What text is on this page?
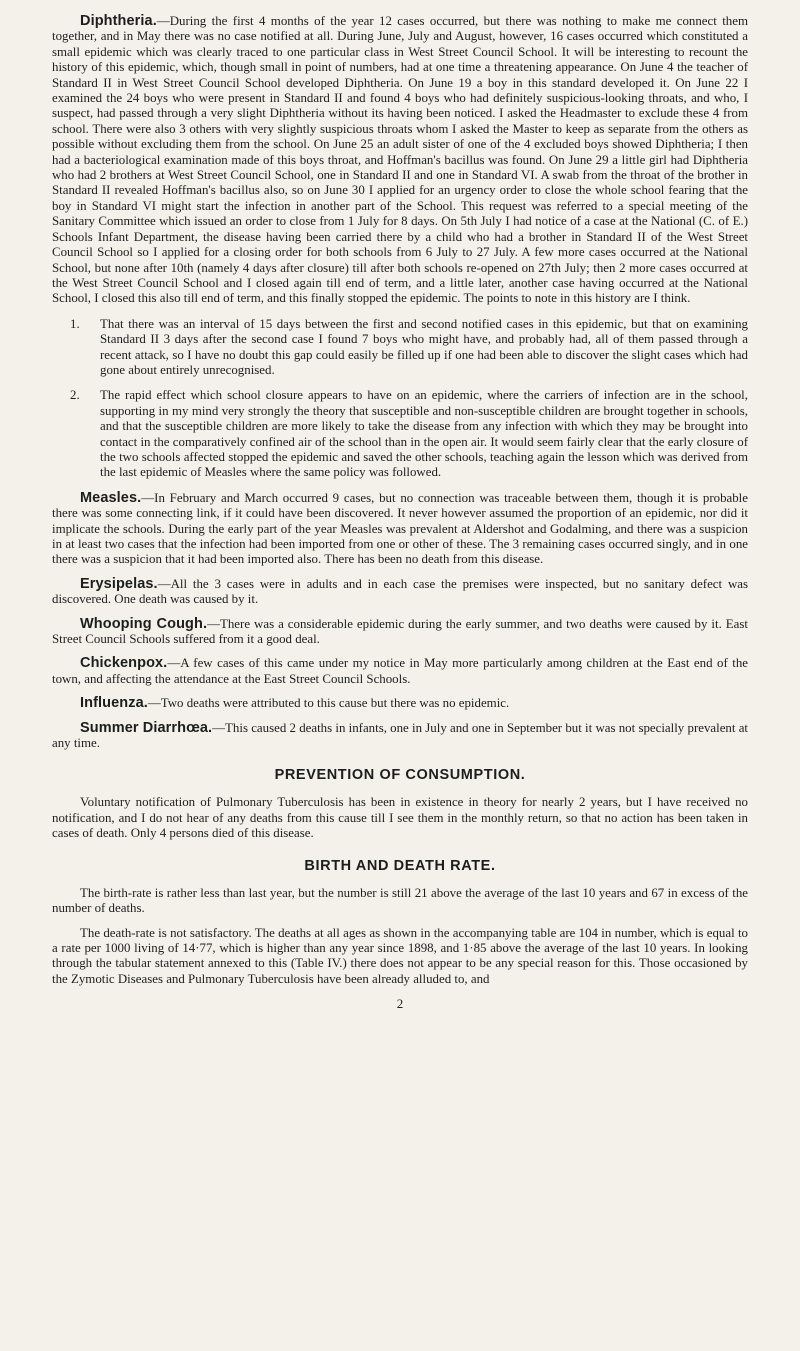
Diphtheria.—During the first 4 months of the year 12 cases occurred, but there was nothing to make me connect them together, and in May there was no case notified at all. During June, July and August, however, 16 cases occurred which constituted a small epidemic which was clearly traced to one particular class in West Street Council School. It will be interesting to recount the history of this epidemic, which, though small in point of numbers, had at one time a threatening appearance. On June 4 the teacher of Standard II in West Street Council School developed Diphtheria. On June 19 a boy in this standard developed it. On June 22 I examined the 24 boys who were present in Standard II and found 4 boys who had definitely suspicious-looking throats, and who, I suspect, had passed through a very slight Diphtheria without its having been noticed. I asked the Headmaster to exclude these 4 from school. There were also 3 others with very slightly suspicious throats whom I asked the Master to keep as separate from the others as possible without excluding them from the school. On June 25 an adult sister of one of the 4 excluded boys showed Diphtheria; I then had a bacteriological examination made of this boys throat, and Hoffman's bacillus was found. On June 29 a little girl had Diphtheria who had 2 brothers at West Street Council School, one in Standard II and one in Standard VI. A swab from the throat of the brother in Standard II revealed Hoffman's bacillus also, so on June 30 I applied for an urgency order to close the whole school fearing that the boy in Standard VI might start the infection in another part of the School. This request was referred to a special meeting of the Sanitary Committee which issued an order to close from 1 July for 8 days. On 5th July I had notice of a case at the National (C. of E.) Schools Infant Department, the disease having been carried there by a child who had a brother in Standard II of the West Street Council School so I applied for a closing order for both schools from 6 July to 27 July. A few more cases occurred at the National School, but none after 10th (namely 4 days after closure) till after both schools re-opened on 27th July; then 2 more cases occurred at the West Street Council School and I closed again till end of term, and a little later, another case having occurred at the National School, I closed this also till end of term, and this finally stopped the epidemic. The points to note in this history are I think.

1. That there was an interval of 15 days between the first and second notified cases in this epidemic, but that on examining Standard II 3 days after the second case I found 7 boys who might have, and probably had, all of them passed through a recent attack, so I have no doubt this gap could easily be filled up if one had been able to discover the slight cases which had gone about entirely unrecognised.
2. The rapid effect which school closure appears to have on an epidemic, where the carriers of infection are in the school, supporting in my mind very strongly the theory that susceptible and non-susceptible children are brought together in schools, and that the susceptible children are more likely to take the disease from any infection with which they may be brought into contact in the comparatively confined air of the school than in the open air. It would seem fairly clear that the early closure of the two schools affected stopped the epidemic and saved the other schools, teaching again the lesson which was derived from the last epidemic of Measles where the same policy was followed.

Measles.—In February and March occurred 9 cases, but no connection was traceable between them, though it is probable there was some connecting link, if it could have been discovered. It never however assumed the proportion of an epidemic, nor did it implicate the schools. During the early part of the year Measles was prevalent at Aldershot and Godalming, and there was a suspicion in at least two cases that the infection had been imported from one or other of these. The 3 remaining cases occurred singly, and in one there was a suspicion that it had been imported also. There has been no death from this disease.

Erysipelas.—All the 3 cases were in adults and in each case the premises were inspected, but no sanitary defect was discovered. One death was caused by it.

Whooping Cough.—There was a considerable epidemic during the early summer, and two deaths were caused by it. East Street Council Schools suffered from it a good deal.

Chickenpox.—A few cases of this came under my notice in May more particularly among children at the East end of the town, and affecting the attendance at the East Street Council Schools.

Influenza.—Two deaths were attributed to this cause but there was no epidemic.

Summer Diarrhœa.—This caused 2 deaths in infants, one in July and one in September but it was not specially prevalent at any time.

PREVENTION OF CONSUMPTION.

Voluntary notification of Pulmonary Tuberculosis has been in existence in theory for nearly 2 years, but I have received no notification, and I do not hear of any deaths from this cause till I see them in the monthly return, so that no action has been taken in cases of death. Only 4 persons died of this disease.

BIRTH AND DEATH RATE.

The birth-rate is rather less than last year, but the number is still 21 above the average of the last 10 years and 67 in excess of the number of deaths.

The death-rate is not satisfactory. The deaths at all ages as shown in the accompanying table are 104 in number, which is equal to a rate per 1000 living of 14·77, which is higher than any year since 1898, and 1·85 above the average of the last 10 years. In looking through the tabular statement annexed to this (Table IV.) there does not appear to be any special reason for this. Those occasioned by the Zymotic Diseases and Pulmonary Tuberculosis have been already alluded to, and

2
